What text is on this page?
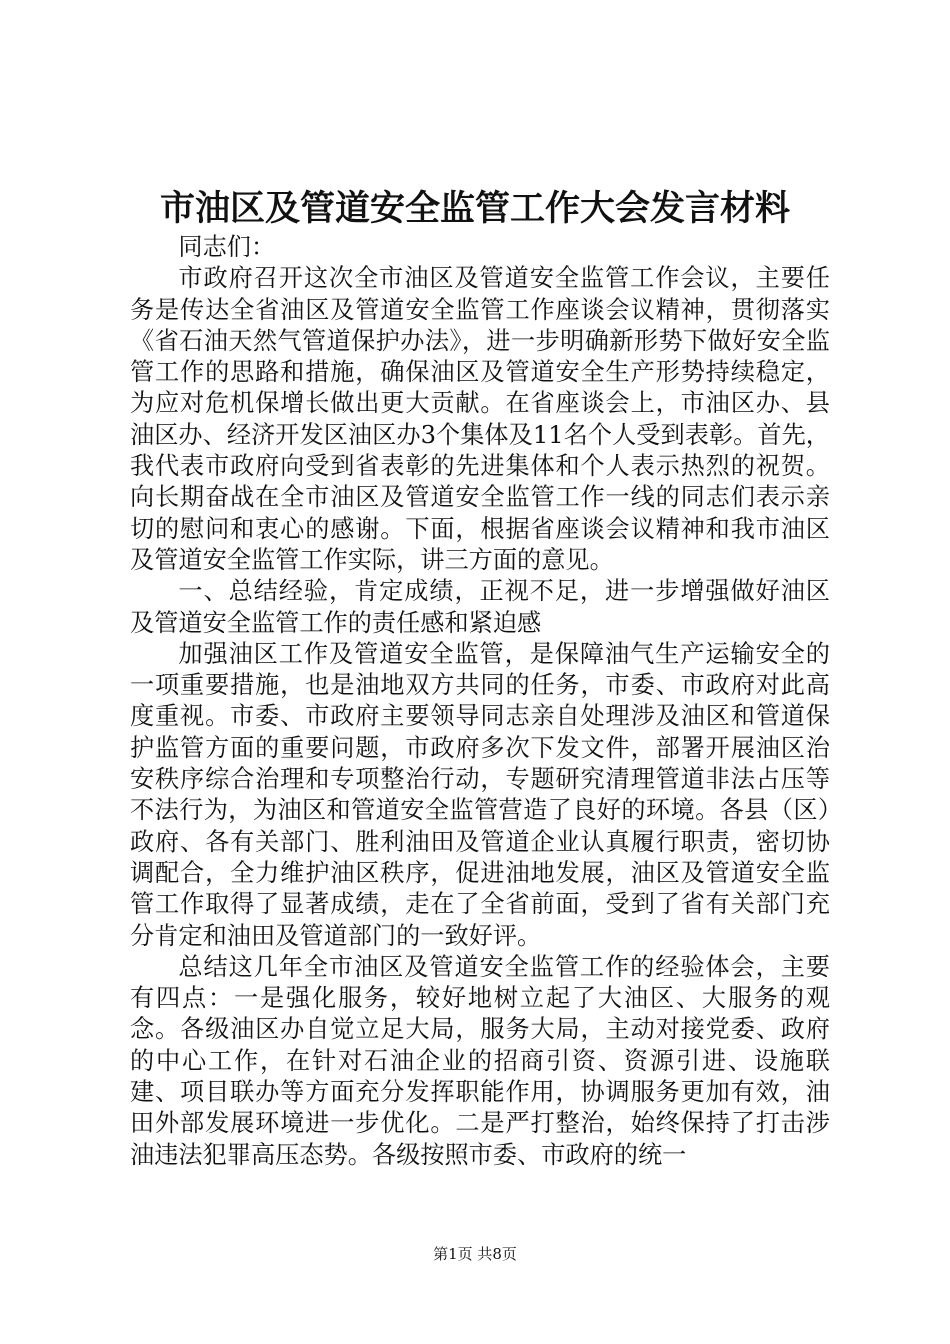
市油区及管道安全监管工作大会发言材料

同志们：

市政府召开这次全市油区及管道安全监管工作会议，主要任务是传达全省油区及管道安全监管工作座谈会议精神，贯彻落实《省石油天然气管道保护办法》，进一步明确新形势下做好安全监管工作的思路和措施，确保油区及管道安全生产形势持续稳定，为应对危机保增长做出更大贡献。在省座谈会上，市油区办、县油区办、经济开发区油区办3个集体及11名个人受到表彰。首先，我代表市政府向受到省表彰的先进集体和个人表示热烈的祝贺。向长期奋战在全市油区及管道安全监管工作一线的同志们表示亲切的慰问和衷心的感谢。下面，根据省座谈会议精神和我市油区及管道安全监管工作实际，讲三方面的意见。

一、总结经验，肯定成绩，正视不足，进一步增强做好油区及管道安全监管工作的责任感和紧迫感

加强油区工作及管道安全监管，是保障油气生产运输安全的一项重要措施，也是油地双方共同的任务，市委、市政府对此高度重视。市委、市政府主要领导同志亲自处理涉及油区和管道保护监管方面的重要问题，市政府多次下发文件，部署开展油区治安秩序综合治理和专项整治行动，专题研究清理管道非法占压等不法行为，为油区和管道安全监管营造了良好的环境。各县（区）政府、各有关部门、胜利油田及管道企业认真履行职责，密切协调配合，全力维护油区秩序，促进油地发展，油区及管道安全监管工作取得了显著成绩，走在了全省前面，受到了省有关部门充分肯定和油田及管道部门的一致好评。

总结这几年全市油区及管道安全监管工作的经验体会，主要有四点：一是强化服务，较好地树立起了大油区、大服务的观念。各级油区办自觉立足大局，服务大局，主动对接党委、政府的中心工作，在针对石油企业的招商引资、资源引进、设施联建、项目联办等方面充分发挥职能作用，协调服务更加有效，油田外部发展环境进一步优化。二是严打整治，始终保持了打击涉油违法犯罪高压态势。各级按照市委、市政府的统一

第1页 共8页
